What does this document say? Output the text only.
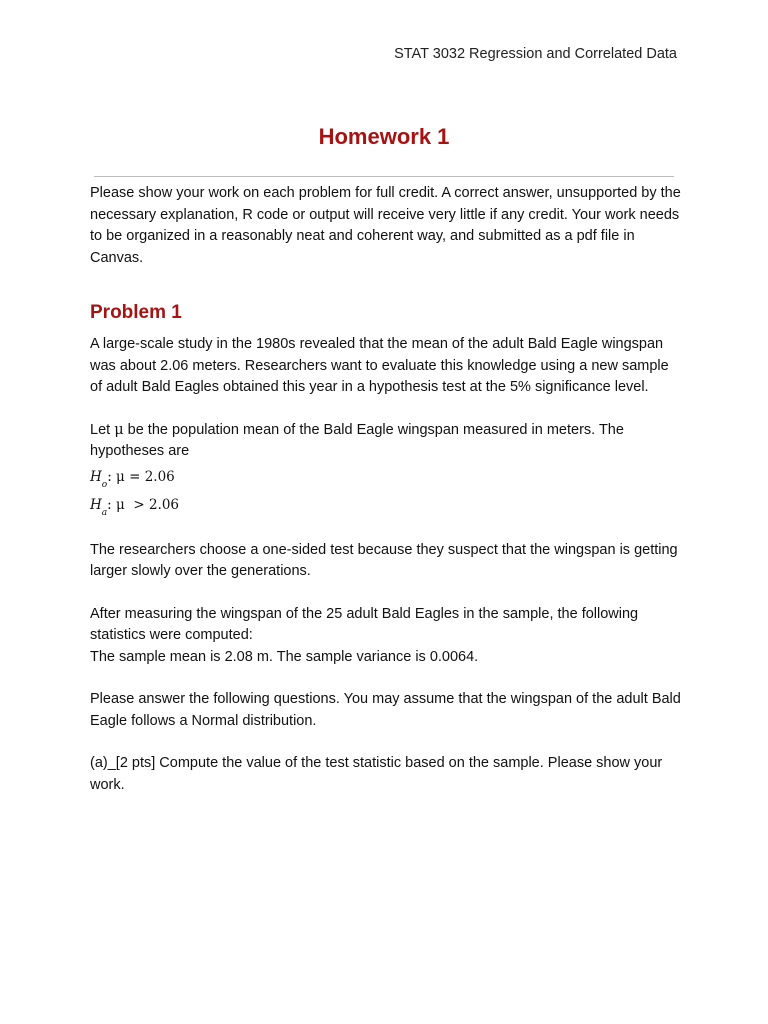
STAT 3032 Regression and Correlated Data
Homework 1

Please show your work on each problem for full credit. A correct answer, unsupported by the necessary explanation, R code or output will receive very little if any credit. Your work needs to be organized in a reasonably neat and coherent way, and submitted as a pdf file in Canvas.

Problem 1

A large-scale study in the 1980s revealed that the mean of the adult Bald Eagle wingspan was about 2.06 meters. Researchers want to evaluate this knowledge using a new sample of adult Bald Eagles obtained this year in a hypothesis test at the 5% significance level.

Let μ be the population mean of the Bald Eagle wingspan measured in meters. The hypotheses are

$H_o$: μ = 2.06
$H_a$: μ  > 2.06

The researchers choose a one-sided test because they suspect that the wingspan is getting larger slowly over the generations.

After measuring the wingspan of the 25 adult Bald Eagles in the sample, the following statistics were computed:

The sample mean is 2.08 m. The sample variance is 0.0064.

Please answer the following questions. You may assume that the wingspan of the adult Bald Eagle follows a Normal distribution.

(a)_[2 pts] Compute the value of the test statistic based on the sample. Please show your work.
